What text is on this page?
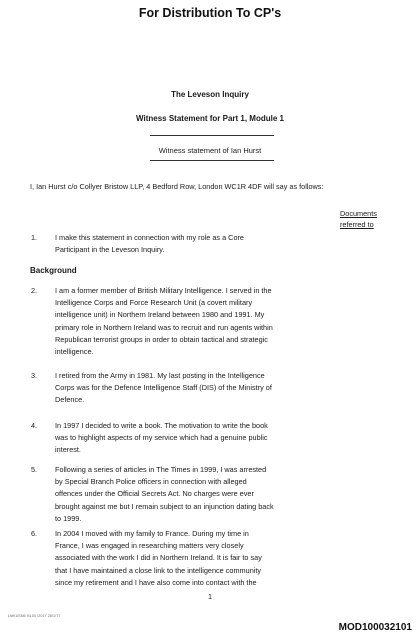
For Distribution To CP's
The Leveson Inquiry
Witness Statement for Part 1, Module 1
Witness statement of Ian Hurst
I, Ian Hurst c/o Collyer Bristow LLP, 4 Bedford Row, London WC1R 4DF will say as follows:
Documents
referred to
1. I make this statement in connection with my role as a Core
Participant in the Leveson Inquiry.
Background
2. I am a former member of British Military Intelligence. I served in the
Intelligence Corps and Force Research Unit (a covert military
intelligence unit) in Northern Ireland between 1980 and 1991. My
primary role in Northern Ireland was to recruit and run agents within
Republican terrorist groups in order to obtain tactical and strategic
intelligence.
3. I retired from the Army in 1981. My last posting in the Intelligence
Corps was for the Defence Intelligence Staff (DIS) of the Ministry of
Defence.
4. In 1997 I decided to write a book. The motivation to write the book
was to highlight aspects of my service which had a genuine public
interest.
5. Following a series of articles in The Times in 1999, I was arrested
by Special Branch Police officers in connection with alleged
offences under the Official Secrets Act. No charges were ever
brought against me but I remain subject to an injunction dating back
to 1999.
6. In 2004 I moved with my family to France. During my time in
France, I was engaged in researching matters very closely
associated with the work I did in Northern Ireland. It is fair to say
that I have maintained a close link to the intelligence community
since my retirement and I have also come into contact with the
1
LMKUS66/ BL00 /2017 26/1/77
MOD100032101
